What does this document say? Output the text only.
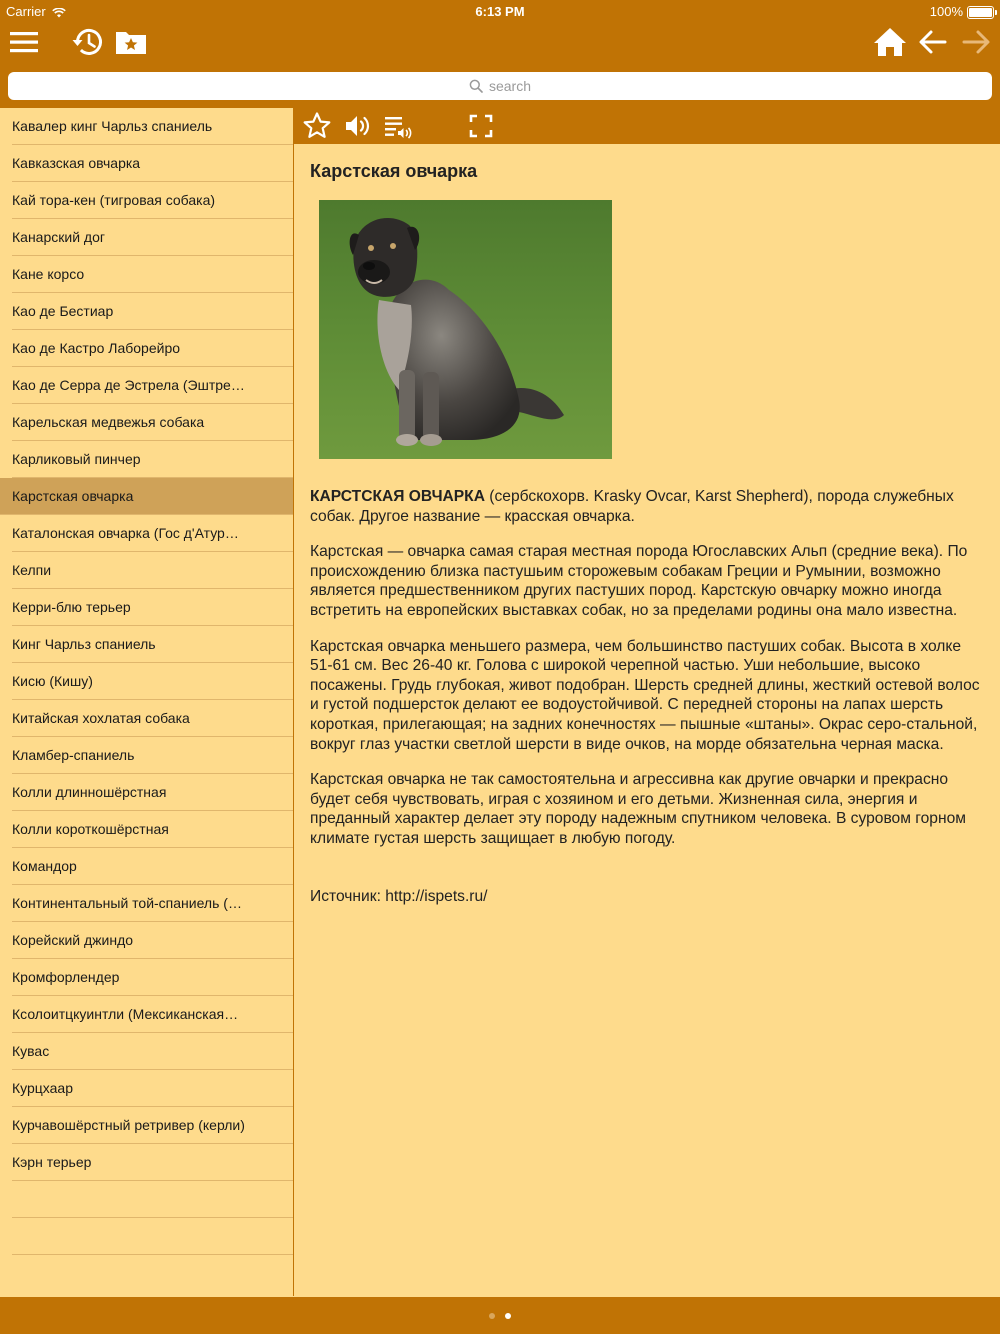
Carrier	6:13 PM	100%
search
Кавалер кинг Чарльз спаниель
Кавказская овчарка
Кай тора-кен (тигровая собака)
Канарский дог
Кане корсо
Као де Бестиар
Као де Кастро Лаборейро
Као де Серра де Эстрела (Эштре…
Карельская медвежья собака
Карликовый пинчер
Карстская овчарка
Каталонская овчарка (Гос д'Атур…
Келпи
Керри-блю терьер
Кинг Чарльз спаниель
Кисю (Кишу)
Китайская хохлатая собака
Кламбер-спаниель
Колли длинношёрстная
Колли короткошёрстная
Командор
Континентальный той-спаниель (…
Корейский джиндо
Кромфорлендер
Ксолоитцкуинтли (Мексиканская…
Кувас
Курцхаар
Курчавошёрстный ретривер (керли)
Кэрн терьер
Карстская овчарка

КАРСТСКАЯ ОВЧАРКА (сербскохорв. Krasky Ovcar, Karst Shepherd), порода служебных собак. Другое название — красская овчарка.

Карстская — овчарка самая старая местная порода Югославских Альп (средние века). По происхождению близка пастушьим сторожевым собакам Греции и Румынии, возможно является предшественником других пастуших пород. Карстскую овчарку можно иногда встретить на европейских выставках собак, но за пределами родины она мало известна.

Карстская овчарка меньшего размера, чем большинство пастуших собак. Высота в холке 51-61 см. Вес 26-40 кг. Голова с широкой черепной частью. Уши небольшие, высоко посажены. Грудь глубокая, живот подобран. Шерсть средней длины, жесткий остевой волос и густой подшерсток делают ее водоустойчивой. С передней стороны на лапах шерсть короткая, прилегающая; на задних конечностях — пышные «штаны». Окрас серо-стальной, вокруг глаз участки светлой шерсти в виде очков, на морде обязательна черная маска.

Карстская овчарка не так самостоятельна и агрессивна как другие овчарки и прекрасно будет себя чувствовать, играя с хозяином и его детьми. Жизненная сила, энергия и преданный характер делает эту породу надежным спутником человека. В суровом горном климате густая шерсть защищает в любую погоду.

Источник: http://ispets.ru/
